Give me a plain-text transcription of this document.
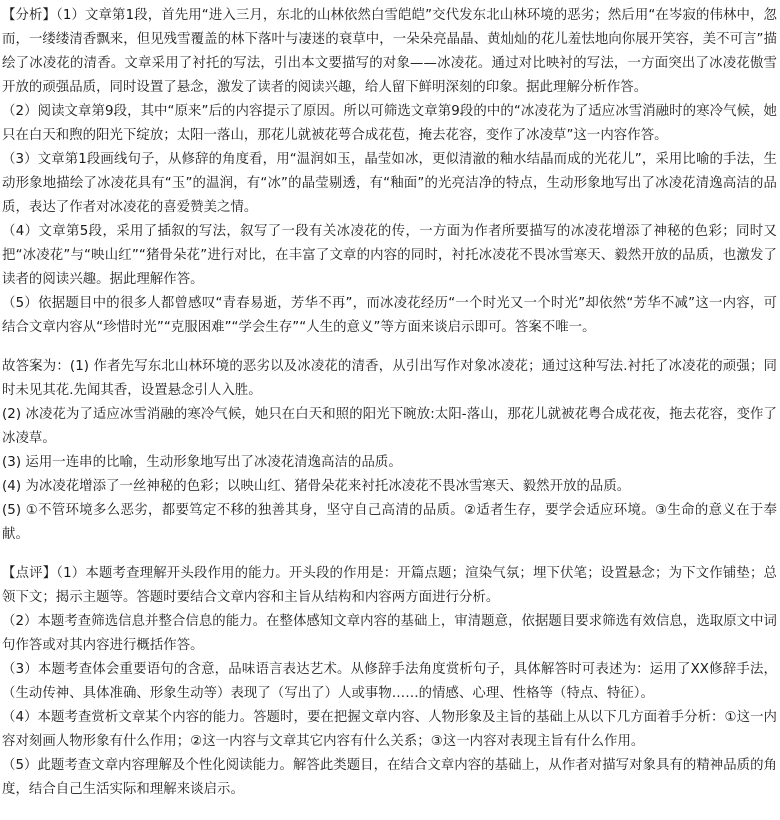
【分析】（1）文章第1段，首先用“进入三月，东北的山林依然白雪皑皑”交代发东北山林环境的恶劣；然后用“在岑寂的伟林中，忽而，一缕缕清香飘来，但见残雪覆盖的林下落叶与凄迷的衰草中，一朵朵亮晶晶、黄灿灿的花儿羞怯地向你展开笑容，美不可言”描绘了冰凌花的清香。文章采用了衬托的写法，引出本文要描写的对象——冰凌花。通过对比映衬的写法，一方面突出了冰凌花傲雪开放的顽强品质，同时设置了悬念，激发了读者的阅读兴趣，给人留下鲜明深刻的印象。据此理解分析作答。

（2）阅读文章第9段，其中“原来”后的内容提示了原因。所以可筛选文章第9段的中的“冰凌花为了适应冰雪消融时的寒冷气候，她只在白天和煦的阳光下绽放；太阳一落山，那花儿就被花萼合成花苞，掩去花容，变作了冰凌草”这一内容作答。

（3）文章第1段画线句子，从修辞的角度看，用“温润如玉，晶莹如冰，更似清澈的釉水结晶而成的光花儿”，采用比喻的手法，生动形象地描绘了冰凌花具有“玉”的温润，有“冰”的晶莹剔透，有“釉面”的光亮洁净的特点，生动形象地写出了冰凌花清逸高洁的品质，表达了作者对冰凌花的喜爱赞美之情。

（4）文章第5段，采用了插叙的写法，叙写了一段有关冰凌花的传，一方面为作者所要描写的冰凌花增添了神秘的色彩；同时又把“冰凌花”与“映山红”“猪骨朵花”进行对比，在丰富了文章的内容的同时，衬托冰凌花不畏冰雪寒天、毅然开放的品质，也激发了读者的阅读兴趣。据此理解作答。

（5）依据题目中的很多人都曾感叹“青春易逝，芳华不再”，而冰凌花经历“一个时光又一个时光”却依然“芳华不减”这一内容，可结合文章内容从“珍惜时光”“克服困难”“学会生存”“人生的意义”等方面来谈启示即可。答案不唯一。

故答案为：(1) 作者先写东北山林环境的恶劣以及冰凌花的清香，从引出写作对象冰凌花；通过这种写法.衬托了冰凌花的顽强；同时未见其花.先闻其香，设置悬念引人入胜。

(2) 冰凌花为了适应冰雪消融的寒冷气候，她只在白天和照的阳光下晼放:太阳-落山，那花儿就被花粤合成花夜，拖去花容，变作了冰凌草。

(3) 运用一连串的比喻，生动形象地写出了冰凌花清逸高洁的品质。

(4) 为冰凌花增添了一丝神秘的色彩；以映山红、猪骨朵花来衬托冰凌花不畏冰雪寒天、毅然开放的品质。

(5) ①不管环境多么恶劣，都要笃定不移的独善其身，坚守自己高清的品质。②适者生存，要学会适应环境。③生命的意义在于奉献。

【点评】（1）本题考查理解开头段作用的能力。开头段的作用是：开篇点题；渲染气氛；埋下伏笔；设置悬念；为下文作铺垫；总领下文；揭示主题等。答题时要结合文章内容和主旨从结构和内容两方面进行分析。

（2）本题考查筛选信息并整合信息的能力。在整体感知文章内容的基础上，审清题意，依据题目要求筛选有效信息，选取原文中词句作答或对其内容进行概括作答。

（3）本题考查体会重要语句的含意，品味语言表达艺术。从修辞手法角度赏析句子，具体解答时可表述为：运用了XX修辞手法，（生动传神、具体准确、形象生动等）表现了（写出了）人或事物……的情感、心理、性格等（特点、特征）。

（4）本题考查赏析文章某个内容的能力。答题时，要在把握文章内容、人物形象及主旨的基础上从以下几方面着手分析：①这一内容对刻画人物形象有什么作用；②这一内容与文章其它内容有什么关系；③这一内容对表现主旨有什么作用。

（5）此题考查文章内容理解及个性化阅读能力。解答此类题目，在结合文章内容的基础上，从作者对描写对象具有的精神品质的角度，结合自己生活实际和理解来谈启示。
